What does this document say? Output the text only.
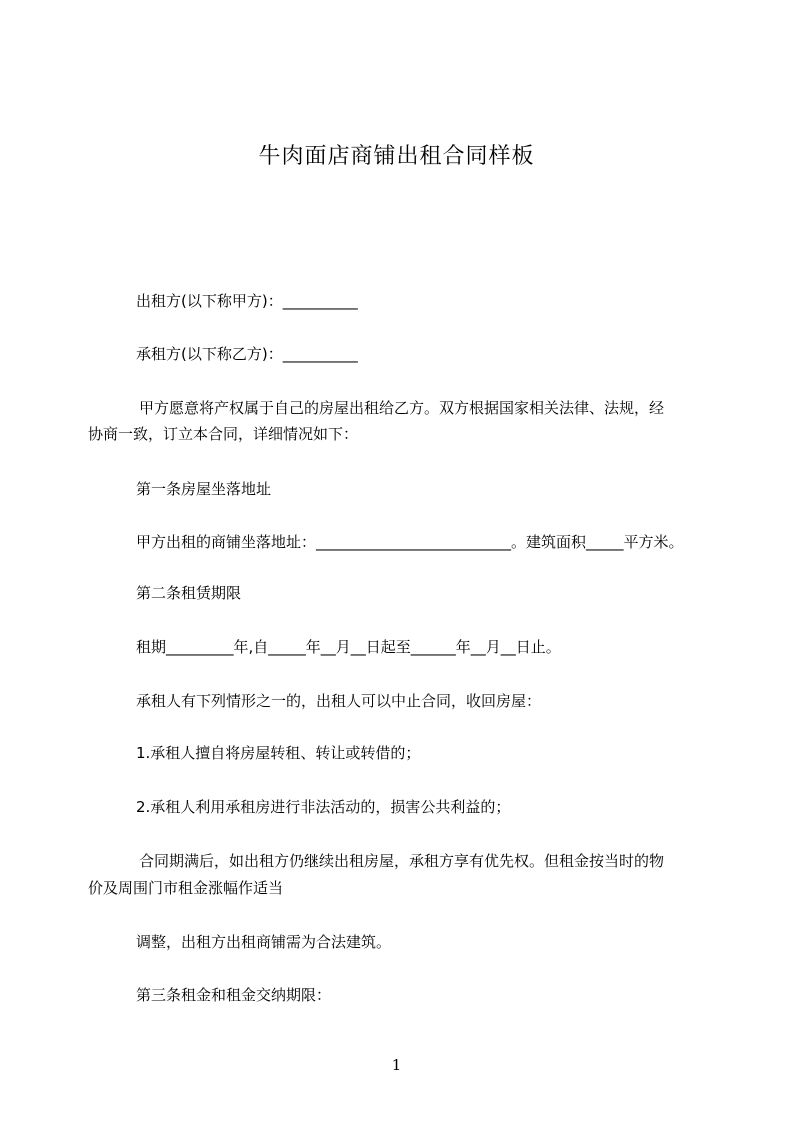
牛肉面店商铺出租合同样板
出租方(以下称甲方)：__________
承租方(以下称乙方)：__________
甲方愿意将产权属于自己的房屋出租给乙方。双方根据国家相关法律、法规，经
协商一致，订立本合同，详细情况如下：
第一条房屋坐落地址
甲方出租的商铺坐落地址：__________________________。建筑面积_____平方米。
第二条租赁期限
租期_________年,自_____年__月__日起至______年__月__日止。
承租人有下列情形之一的，出租人可以中止合同，收回房屋：
1.承租人擅自将房屋转租、转让或转借的；
2.承租人利用承租房进行非法活动的，损害公共利益的；
合同期满后，如出租方仍继续出租房屋，承租方享有优先权。但租金按当时的物
价及周围门市租金涨幅作适当
调整，出租方出租商铺需为合法建筑。
第三条租金和租金交纳期限：
1
